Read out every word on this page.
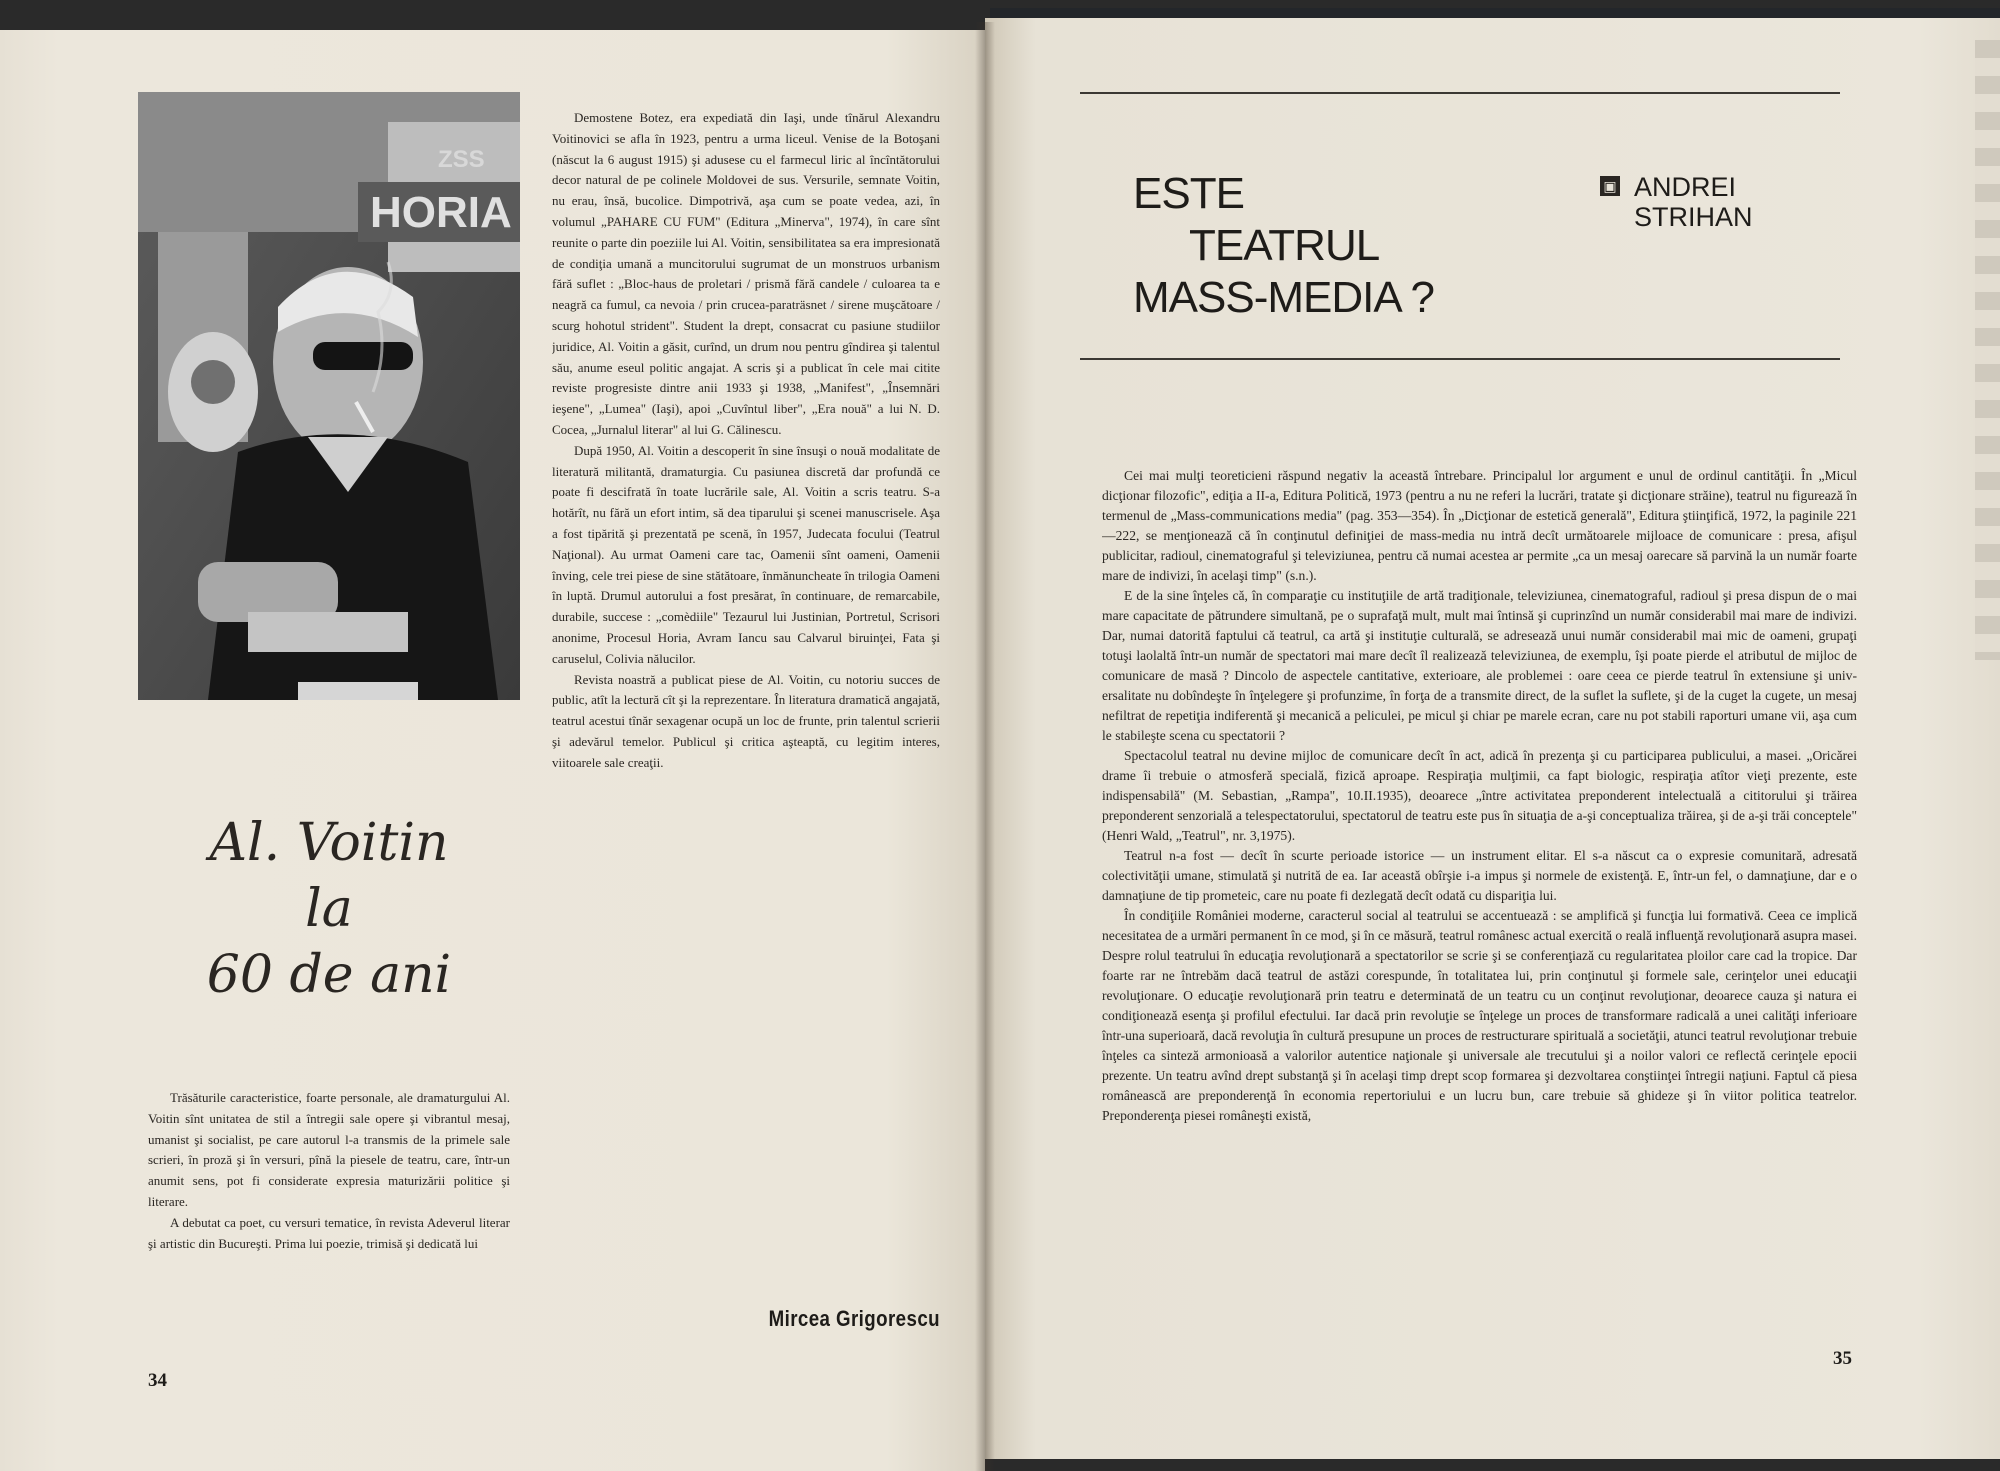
HORIA
ZSS
Al. Voitin
la
60 de ani

Trăsăturile caracteristice, foarte personale, ale dramaturgului Al. Voitin sînt unitatea de stil a întregii sale opere şi vibrantul mesaj, umanist şi socialist, pe care autorul l-a transmis de la primele sale scrieri, în proză şi în versuri, pînă la piesele de teatru, care, într-un anumit sens, pot fi considerate expresia maturizării politice şi literare.

A debutat ca poet, cu versuri tematice, în revista Adeverul literar şi artistic din Bucureşti. Prima lui poezie, trimisă şi dedicată lui

Demostene Botez, era expediată din Iaşi, unde tînărul Alexandru Voitinovici se afla în 1923, pentru a urma liceul. Venise de la Botoşani (născut la 6 august 1915) şi adusese cu el farmecul liric al încîntătorului decor natural de pe colinele Moldovei de sus. Versurile, semnate Voitin, nu erau, însă, bucolice. Dimpotrivă, aşa cum se poate vedea, azi, în volumul „PAHARE CU FUM" (Editura „Minerva", 1974), în care sînt reunite o parte din poeziile lui Al. Voitin, sensibilitatea sa era impresionată de condiţia umană a muncitorului sugrumat de un monstruos urbanism fără suflet : „Bloc-haus de proletari / prismă fără candele / culoarea ta e neagră ca fumul, ca nevoia / prin crucea-paraträsnet / sirene muşcătoare / scurg hohotul strident". Student la drept, consacrat cu pasiune studiilor juridice, Al. Voitin a găsit, curînd, un drum nou pentru gîndirea şi talentul său, anume eseul politic angajat. A scris şi a publicat în cele mai citite reviste progresiste dintre anii 1933 şi 1938, „Manifest", „Însemnări ieşene", „Lumea" (Iaşi), apoi „Cuvîntul liber", „Era nouă" a lui N. D. Cocea, „Jurnalul literar" al lui G. Călinescu.

După 1950, Al. Voitin a descoperit în sine însuşi o nouă modalitate de literatură militantă, dramaturgia. Cu pasiunea discretă dar profundă ce poate fi descifrată în toate lucrările sale, Al. Voitin a scris teatru. S-a hotărît, nu fără un efort intim, să dea tiparului şi scenei manuscrisele. Aşa a fost tipărită şi prezentată pe scenă, în 1957, Judecata focului (Teatrul Naţional). Au urmat Oameni care tac, Oamenii sînt oameni, Oamenii înving, cele trei piese de sine stătătoare, înmănuncheate în trilogia Oameni în luptă. Drumul autorului a fost presărat, în continuare, de remarcabile, durabile, succese : „comèdiile" Tezaurul lui Justinian, Portretul, Scrisori anonime, Procesul Horia, Avram Iancu sau Calvarul biruinţei, Fata şi caruselul, Colivia nălucilor.

Revista noastră a publicat piese de Al. Voitin, cu notoriu succes de public, atît la lectură cît şi la reprezentare. În literatura dramatică angajată, teatrul acestui tînăr sexagenar ocupă un loc de frunte, prin talentul scrierii şi adevărul temelor. Publicul şi critica aşteaptă, cu legitim interes, viitoarele sale creaţii.

Mircea Grigorescu
34
ESTE
TEATRUL
MASS-MEDIA ?
▣ ANDREI
STRIHAN

Cei mai mulţi teoreticieni răspund negativ la această întrebare. Principalul lor argument e unul de ordinul cantităţii. În „Micul dicţionar filozofic", ediţia a II-a, Editura Politică, 1973 (pentru a nu ne referi la lucrări, tratate şi dicţionare străine), teatrul nu figurează în termenul de „Mass-communications media" (pag. 353—354). În „Dicţionar de estetică generală", Editura ştiinţifică, 1972, la paginile 221—222, se menţionează că în conţinutul definiţiei de mass-media nu intră decît următoarele mijloace de comunicare : presa, afişul publicitar, radioul, cinematograful şi televiziunea, pentru că numai acestea ar permite „ca un mesaj oarecare să parvină la un număr foarte mare de indivizi, în acelaşi timp" (s.n.).

E de la sine înţeles că, în comparaţie cu instituţiile de artă tradiţionale, televiziunea, cinematograful, radioul şi presa dispun de o mai mare capacitate de pătrundere simultană, pe o suprafaţă mult, mult mai întinsă şi cuprinzînd un număr considerabil mai mare de indivizi. Dar, numai datorită faptului că teatrul, ca artă şi instituţie culturală, se adresează unui număr considerabil mai mic de oameni, grupaţi totuşi laolaltă într-un număr de spectatori mai mare decît îl realizează televiziunea, de exemplu, îşi poate pierde el atributul de mijloc de comunicare de masă ? Dincolo de aspectele cantitative, exterioare, ale problemei : oare ceea ce pierde teatrul în extensiune şi universalitate nu dobîndeşte în înţelegere şi profunzime, în forţa de a transmite direct, de la suflet la suflete, şi de la cuget la cugete, un mesaj nefiltrat de repetiţia indiferentă şi mecanică a peliculei, pe micul şi chiar pe marele ecran, care nu pot stabili raporturi umane vii, aşa cum le stabileşte scena cu spectatorii ?

Spectacolul teatral nu devine mijloc de comunicare decît în act, adică în prezenţa şi cu participarea publicului, a masei. „Oricărei drame îi trebuie o atmosferă specială, fizică aproape. Respiraţia mulţimii, ca fapt biologic, respiraţia atîtor vieţi prezente, este indispensabilă" (M. Sebastian, „Rampa", 10.II.1935), deoarece „între activitatea preponderent intelectuală a cititorului şi trăirea preponderent senzorială a telespectatorului, spectatorul de teatru este pus în situaţia de a-şi conceptualiza trăirea, şi de a-şi trăi conceptele" (Henri Wald, „Teatrul", nr. 3,1975).

Teatrul n-a fost — decît în scurte perioade istorice — un instrument elitar. El s-a născut ca o expresie comunitară, adresată colectivităţii umane, stimulată şi nutrită de ea. Iar această obîrşie i-a impus şi normele de existenţă. E, într-un fel, o damnaţiune, dar e o damnaţiune de tip prometeic, care nu poate fi dezlegată decît odată cu dispariţia lui.

În condiţiile României moderne, caracterul social al teatrului se accentuează : se amplifică şi funcţia lui formativă. Ceea ce implică necesitatea de a urmări permanent în ce mod, şi în ce măsură, teatrul românesc actual exercită o reală influenţă revoluţionară asupra masei. Despre rolul teatrului în educaţia revoluţionară a spectatorilor se scrie şi se conferenţiază cu regularitatea ploilor care cad la tropice. Dar foarte rar ne întrebăm dacă teatrul de astăzi corespunde, în totalitatea lui, prin conţinutul şi formele sale, cerinţelor unei educaţii revoluţionare. O educaţie revoluţionară prin teatru e determinată de un teatru cu un conţinut revoluţionar, deoarece cauza şi natura ei condiţionează esenţa şi profilul efectului. Iar dacă prin revoluţie se înţelege un proces de transformare radicală a unei calităţi inferioare într-una superioară, dacă revoluţia în cultură presupune un proces de restructurare spirituală a societăţii, atunci teatrul revoluţionar trebuie înţeles ca sinteză armonioasă a valorilor autentice naţionale şi universale ale trecutului şi a noilor valori ce reflectă cerinţele epocii prezente. Un teatru avînd drept substanţă şi în acelaşi timp drept scop formarea şi dezvoltarea conştiinţei întregii naţiuni. Faptul că piesa românească are preponderenţă în economia repertoriului e un lucru bun, care trebuie să ghideze şi în viitor politica teatrelor. Preponderenţa piesei româneşti există,

35
